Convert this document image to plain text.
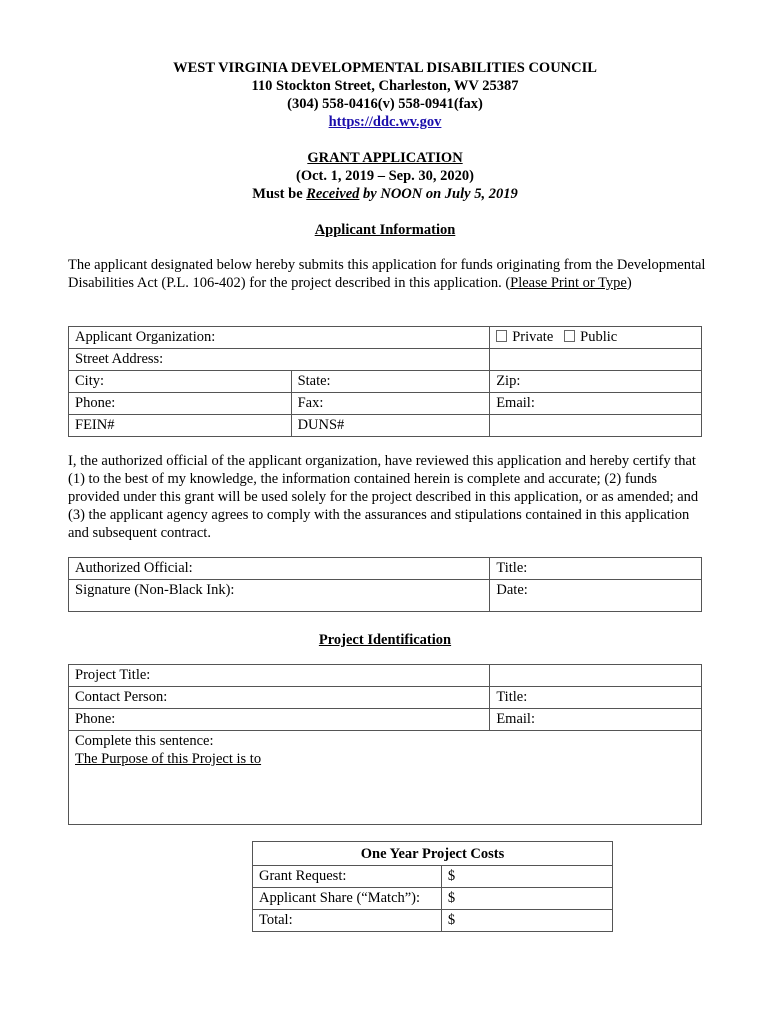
WEST VIRGINIA DEVELOPMENTAL DISABILITIES COUNCIL
110 Stockton Street, Charleston, WV 25387
(304) 558-0416(v) 558-0941(fax)
https://ddc.wv.gov
GRANT APPLICATION
(Oct. 1, 2019 – Sep. 30, 2020)
Must be Received by NOON on July 5, 2019
Applicant Information
The applicant designated below hereby submits this application for funds originating from the Developmental Disabilities Act (P.L. 106-402) for the project described in this application. (Please Print or Type)
Applicant Organization:		Private Public
Street Address:		
City:	State:	Zip:
Phone:	Fax:	Email:
FEIN#	DUNS#	
I, the authorized official of the applicant organization, have reviewed this application and hereby certify that (1) to the best of my knowledge, the information contained herein is complete and accurate; (2) funds provided under this grant will be used solely for the project described in this application, or as amended; and (3) the applicant agency agrees to comply with the assurances and stipulations contained in this application and subsequent contract.
Authorized Official:	Title:
Signature (Non-Black Ink):	Date:
Project Identification
Project Title:	
Contact Person:	Title:
Phone:	Email:

Complete this sentence:
The Purpose of this Project is to	
One Year Project Costs	
Grant Request:	$
Applicant Share (“Match”):	$
Total:	$
